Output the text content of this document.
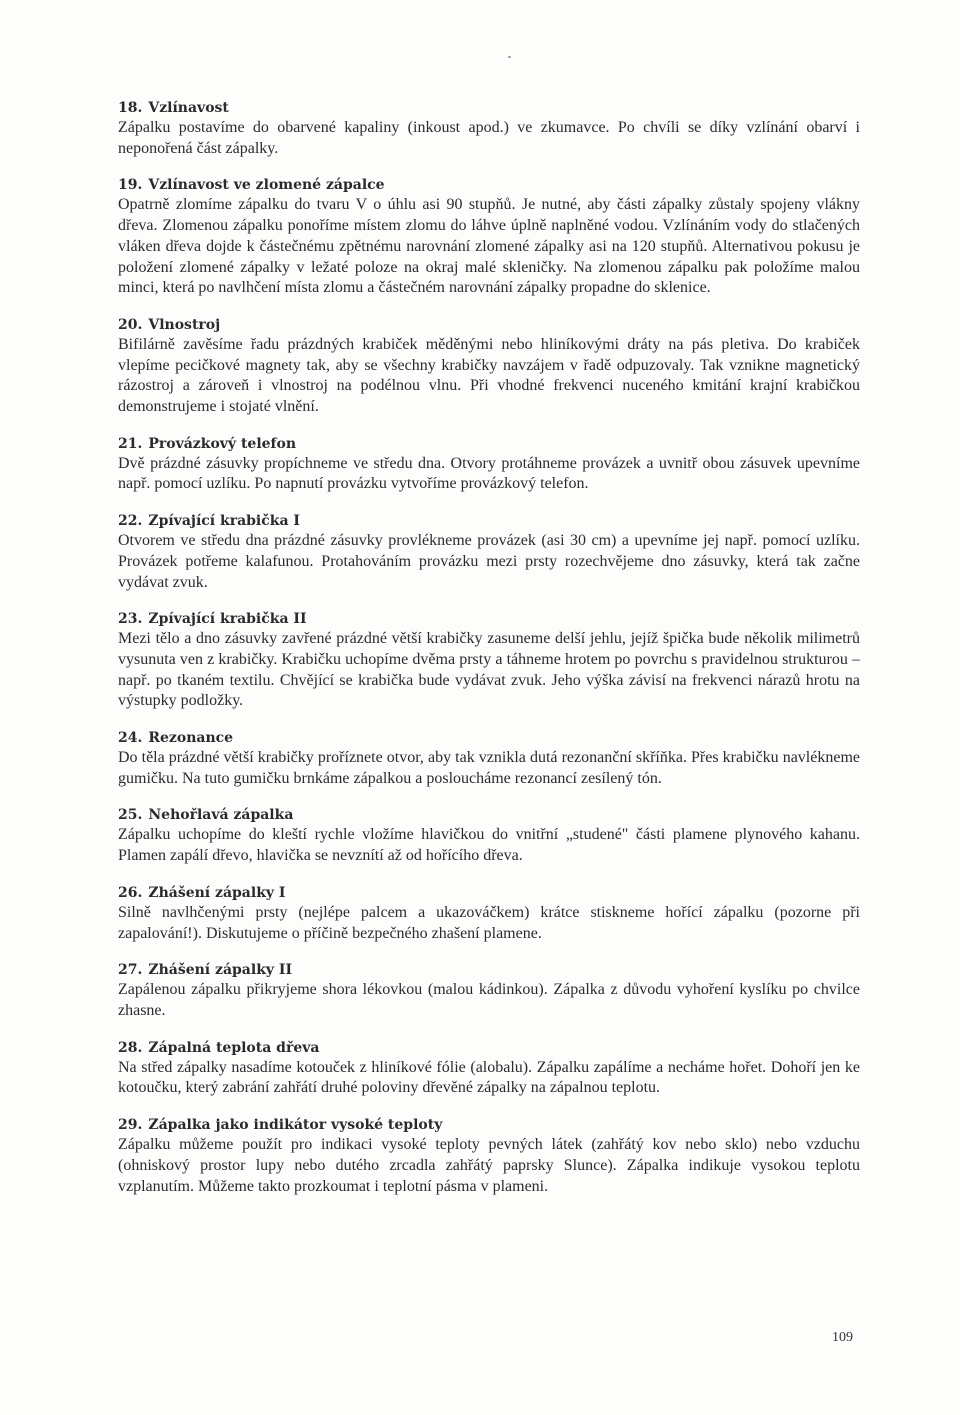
18. Vzlínavost

Zápalku postavíme do obarvené kapaliny (inkoust apod.) ve zkumavce. Po chvíli se díky vzlínání obarví i neponořená část zápalky.

19. Vzlínavost ve zlomené zápalce

Opatrně zlomíme zápalku do tvaru V o úhlu asi 90 stupňů. Je nutné, aby části zápalky zůstaly spojeny vlákny dřeva. Zlomenou zápalku ponoříme místem zlomu do láhve úplně naplněné vodou. Vzlínáním vody do stlačených vláken dřeva dojde k částečnému zpětnému narovnání zlomené zápalky asi na 120 stupňů. Alternativou pokusu je položení zlomené zápalky v ležaté poloze na okraj malé skleničky. Na zlomenou zápalku pak položíme malou minci, která po navlhčení místa zlomu a částečném narovnání zápalky propadne do sklenice.

20. Vlnostroj

Bifilárně zavěsíme řadu prázdných krabiček měděnými nebo hliníkovými dráty na pás pletiva. Do krabiček vlepíme pecičkové magnety tak, aby se všechny krabičky navzájem v řadě odpuzovaly. Tak vznikne magnetický rázostroj a zároveň i vlnostroj na podélnou vlnu. Při vhodné frekvenci nuceného kmitání krajní krabičkou demonstrujeme i stojaté vlnění.

21. Provázkový telefon

Dvě prázdné zásuvky propíchneme ve středu dna. Otvory protáhneme provázek a uvnitř obou zásuvek upevníme např. pomocí uzlíku. Po napnutí provázku vytvoříme provázkový telefon.

22. Zpívající krabička I

Otvorem ve středu dna prázdné zásuvky provlékneme provázek (asi 30 cm) a upevníme jej např. pomocí uzlíku. Provázek potřeme kalafunou. Protahováním provázku mezi prsty rozechvějeme dno zásuvky, která tak začne vydávat zvuk.

23. Zpívající krabička II

Mezi tělo a dno zásuvky zavřené prázdné větší krabičky zasuneme delší jehlu, jejíž špička bude několik milimetrů vysunuta ven z krabičky. Krabičku uchopíme dvěma prsty a táhneme hrotem po povrchu s pravidelnou strukturou – např. po tkaném textilu. Chvějící se krabička bude vydávat zvuk. Jeho výška závisí na frekvenci nárazů hrotu na výstupky podložky.

24. Rezonance

Do těla prázdné větší krabičky proříznete otvor, aby tak vznikla dutá rezonanční skříňka. Přes krabičku navlékneme gumičku. Na tuto gumičku brnkáme zápalkou a posloucháme rezonancí zesílený tón.

25. Nehořlavá zápalka

Zápalku uchopíme do kleští rychle vložíme hlavičkou do vnitřní „studené" části plamene plynového kahanu. Plamen zapálí dřevo, hlavička se nevznítí až od hořícího dřeva.

26. Zhášení zápalky I

Silně navlhčenými prsty (nejlépe palcem a ukazováčkem) krátce stiskneme hořící zápalku (pozorne při zapalování!). Diskutujeme o příčině bezpečného zhašení plamene.

27. Zhášení zápalky II

Zapálenou zápalku přikryjeme shora lékovkou (malou kádinkou). Zápalka z důvodu vyhoření kyslíku po chvilce zhasne.

28. Zápalná teplota dřeva

Na střed zápalky nasadíme kotouček z hliníkové fólie (alobalu). Zápalku zapálíme a necháme hořet. Dohoří jen ke kotoučku, který zabrání zahřátí druhé poloviny dřevěné zápalky na zápalnou teplotu.

29. Zápalka jako indikátor vysoké teploty

Zápalku můžeme použít pro indikaci vysoké teploty pevných látek (zahřátý kov nebo sklo) nebo vzduchu (ohniskový prostor lupy nebo dutého zrcadla zahřátý paprsky Slunce). Zápalka indikuje vysokou teplotu vzplanutím. Můžeme takto prozkoumat i teplotní pásma v plameni.

109
